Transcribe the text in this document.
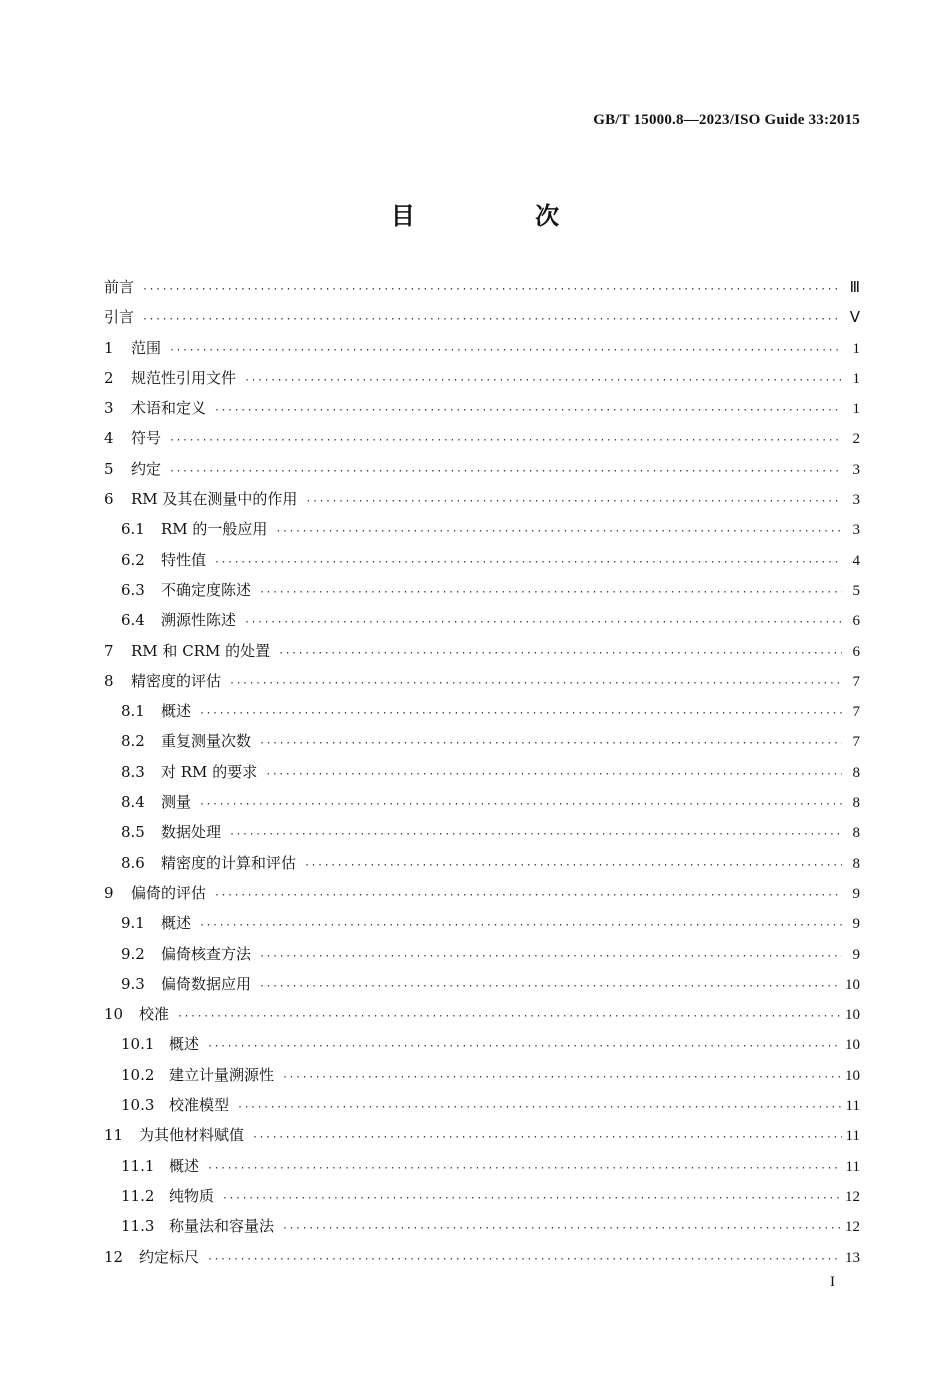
GB/T 15000.8—2023/ISO Guide 33:2015
目 次
前言 ·····	Ⅲ
引言 ·····	Ⅴ
1	范围 ·····	1
2	规范性引用文件 ·····	1
3	术语和定义 ·····	1
4	符号 ·····	2
5	约定 ·····	3
6	RM 及其在测量中的作用 ·····	3
6.1	RM 的一般应用 ·····	3
6.2	特性值 ·····	4
6.3	不确定度陈述 ·····	5
6.4	溯源性陈述 ·····	6
7	RM 和 CRM 的处置 ·····	6
8	精密度的评估 ·····	7
8.1	概述 ·····	7
8.2	重复测量次数 ·····	7
8.3	对 RM 的要求 ·····	8
8.4	测量 ·····	8
8.5	数据处理 ·····	8
8.6	精密度的计算和评估 ·····	8
9	偏倚的评估 ·····	9
9.1	概述 ·····	9
9.2	偏倚核查方法 ·····	9
9.3	偏倚数据应用 ·····	10
10	校准 ·····	10
10.1 概述 ·····	10
10.2 建立计量溯源性 ·····	10
10.3 校准模型 ·····	11
11	为其他材料赋值 ·····	11
11.1 概述 ·····	11
11.2 纯物质 ·····	12
11.3 称量法和容量法 ·····	12
12	约定标尺 ·····	13
I
